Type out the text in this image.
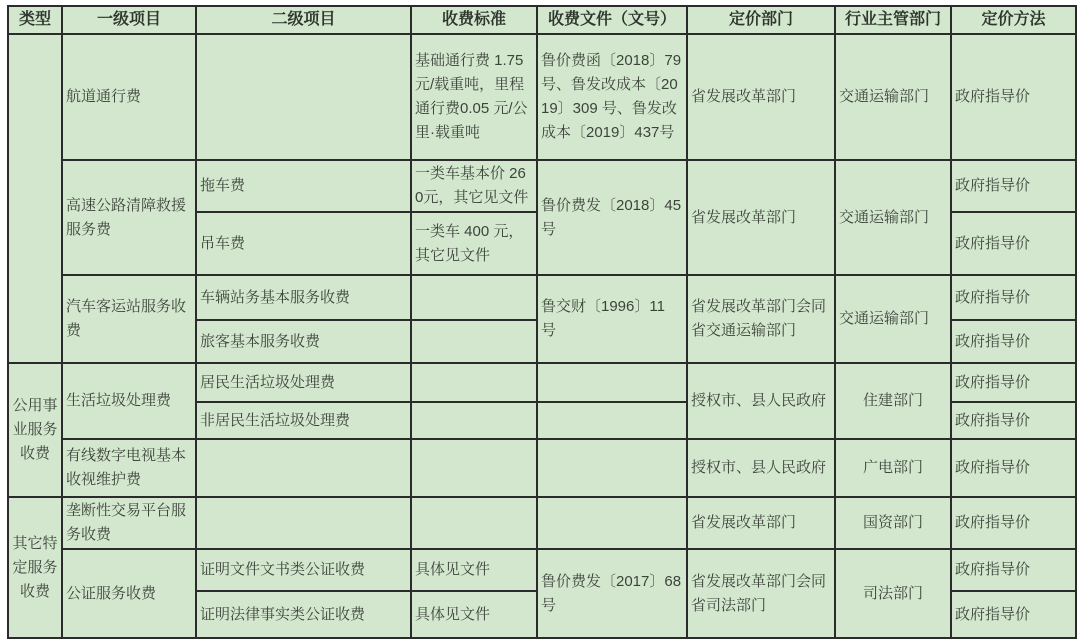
类型	一级项目	二级项目	收费标准	收费文件（文号）	定价部门	行业主管部门	定价方法
	航道通行费		基础通行费 1.75 元/载重吨，里程通行费0.05 元/公里·载重吨	鲁价费函〔2018〕79号、鲁发改成本〔2019〕309 号、鲁发改成本〔2019〕437号	省发展改革部门	交通运输部门	政府指导价
	高速公路清障救援服务费	拖车费	一类车基本价 260元，其它见文件	鲁价费发〔2018〕45号	省发展改革部门	交通运输部门	政府指导价
		吊车费	一类车 400 元，其它见文件				政府指导价
	汽车客运站服务收费	车辆站务基本服务收费		鲁交财〔1996〕11 号	省发展改革部门会同省交通运输部门	交通运输部门	政府指导价
		旅客基本服务收费					政府指导价
公用事业服务收费	生活垃圾处理费	居民生活垃圾处理费			授权市、县人民政府	住建部门	政府指导价
		非居民生活垃圾处理费					政府指导价
	有线数字电视基本收视维护费				授权市、县人民政府	广电部门	政府指导价
其它特定服务收费	垄断性交易平台服务收费				省发展改革部门	国资部门	政府指导价
	公证服务收费	证明文件文书类公证收费	具体见文件	鲁价费发〔2017〕68号	省发展改革部门会同省司法部门	司法部门	政府指导价
		证明法律事实类公证收费	具体见文件				政府指导价
